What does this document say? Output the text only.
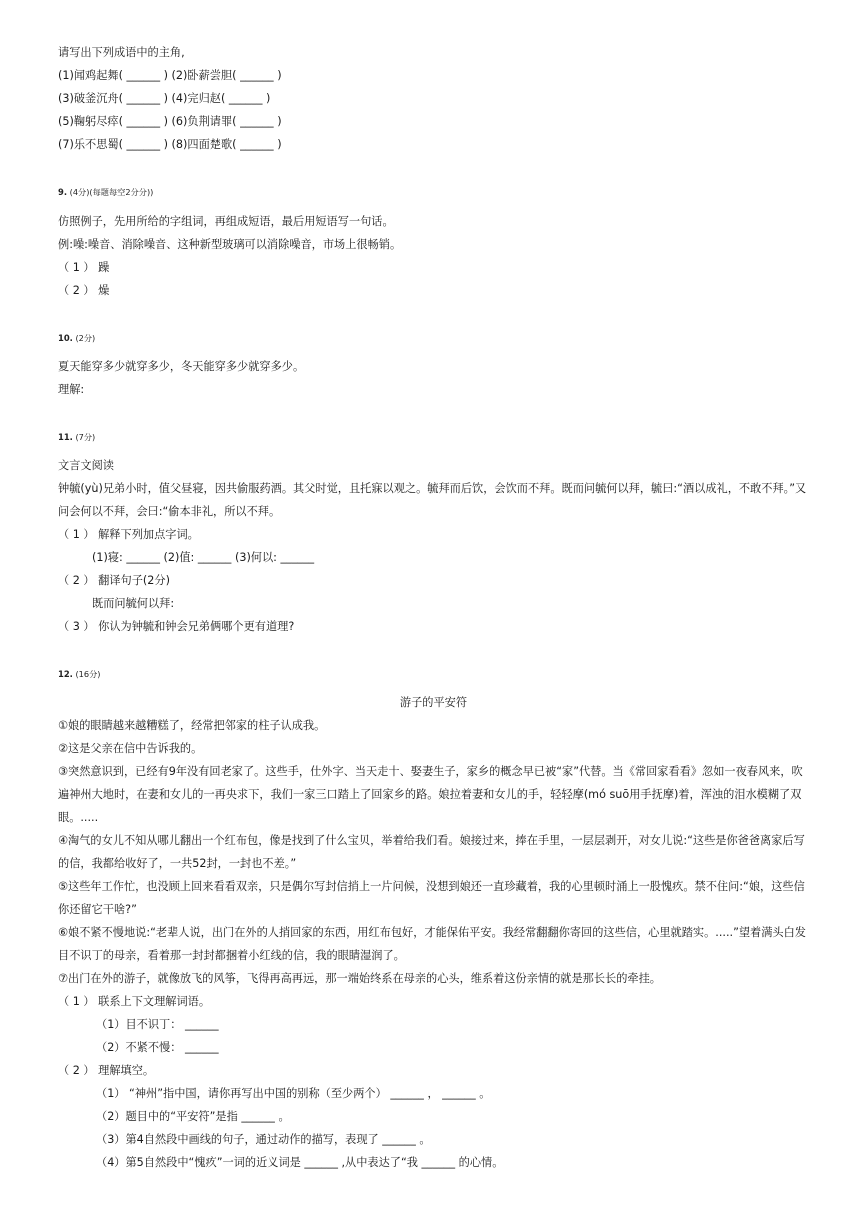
请写出下列成语中的主角,
(1)闻鸡起舞( ______ ) (2)卧薪尝胆( ______ )
(3)破釜沉舟( ______ ) (4)完归赵( ______ )
(5)鞠躬尽瘁( ______ ) (6)负荆请罪( ______ )
(7)乐不思蜀( ______ ) (8)四面楚歌( ______ )
9. (4分)(每题每空2分分))
仿照例子，先用所给的字组词，再组成短语，最后用短语写一句话。
例:噪:噪音、消除噪音、这种新型玻璃可以消除噪音，市场上很畅销。
（ 1 ） 躁
（ 2 ） 燥
10. (2分)
夏天能穿多少就穿多少，冬天能穿多少就穿多少。
理解:
11. (7分)
文言文阅读
钟毓(yù)兄弟小时，值父昼寝，因共偷服药酒。其父时觉，且托寐以观之。毓拜而后饮，会饮而不拜。既而问毓何以拜，毓曰:“酒以成礼，不敢不拜。”又问会何以不拜，会曰:“偷本非礼，所以不拜。
（ 1 ） 解释下列加点字词。
(1)寝: ______ (2)值: ______ (3)何以: ______
（ 2 ） 翻译句子(2分)
既而问毓何以拜:
（ 3 ） 你认为钟毓和钟会兄弟俩哪个更有道理?
12. (16分)
游子的平安符
①娘的眼睛越来越糟糕了，经常把邻家的柱子认成我。
②这是父亲在信中告诉我的。
③突然意识到，已经有9年没有回老家了。这些手，仕外字、当天走十、娶妻生子，家乡的概念早已被“家”代替。当《常回家看看》忽如一夜春风来，吹遍神州大地时，在妻和女儿的一再央求下，我们一家三口踏上了回家乡的路。娘拉着妻和女儿的手，轻轻摩(mó suō用手抚摩)着，浑浊的泪水模糊了双眼。.....
④淘气的女儿不知从哪儿翻出一个红布包，像是找到了什么宝贝，举着给我们看。娘接过来，捧在手里，一层层剥开，对女儿说:“这些是你爸爸离家后写的信，我都给收好了，一共52封，一封也不差。”
⑤这些年工作忙，也没顾上回来看看双亲，只是偶尔写封信捎上一片问候，没想到娘还一直珍藏着，我的心里顿时涌上一股愧疚。禁不住问:“娘，这些信你还留它干啥?”
⑥娘不紧不慢地说:“老辈人说，出门在外的人捎回家的东西，用红布包好，才能保佑平安。我经常翻翻你寄回的这些信，心里就踏实。.....”望着满头白发目不识丁的母亲，看着那一封封都捆着小红线的信，我的眼睛湿润了。
⑦出门在外的游子，就像放飞的风筝，飞得再高再远，那一端始终系在母亲的心头，维系着这份亲情的就是那长长的牵挂。
（ 1 ） 联系上下文理解词语。
（1）目不识丁： ______
（2）不紧不慢： ______
（ 2 ） 理解填空。
（1） “神州”指中国，请你再写出中国的别称（至少两个） ______ ， ______ 。
（2）题目中的“平安符”是指 ______ 。
（3）第4自然段中画线的句子，通过动作的描写，表现了 ______ 。
（4）第5自然段中“愧疚”一词的近义词是 ______ ,从中表达了“我 ______ 的心情。
